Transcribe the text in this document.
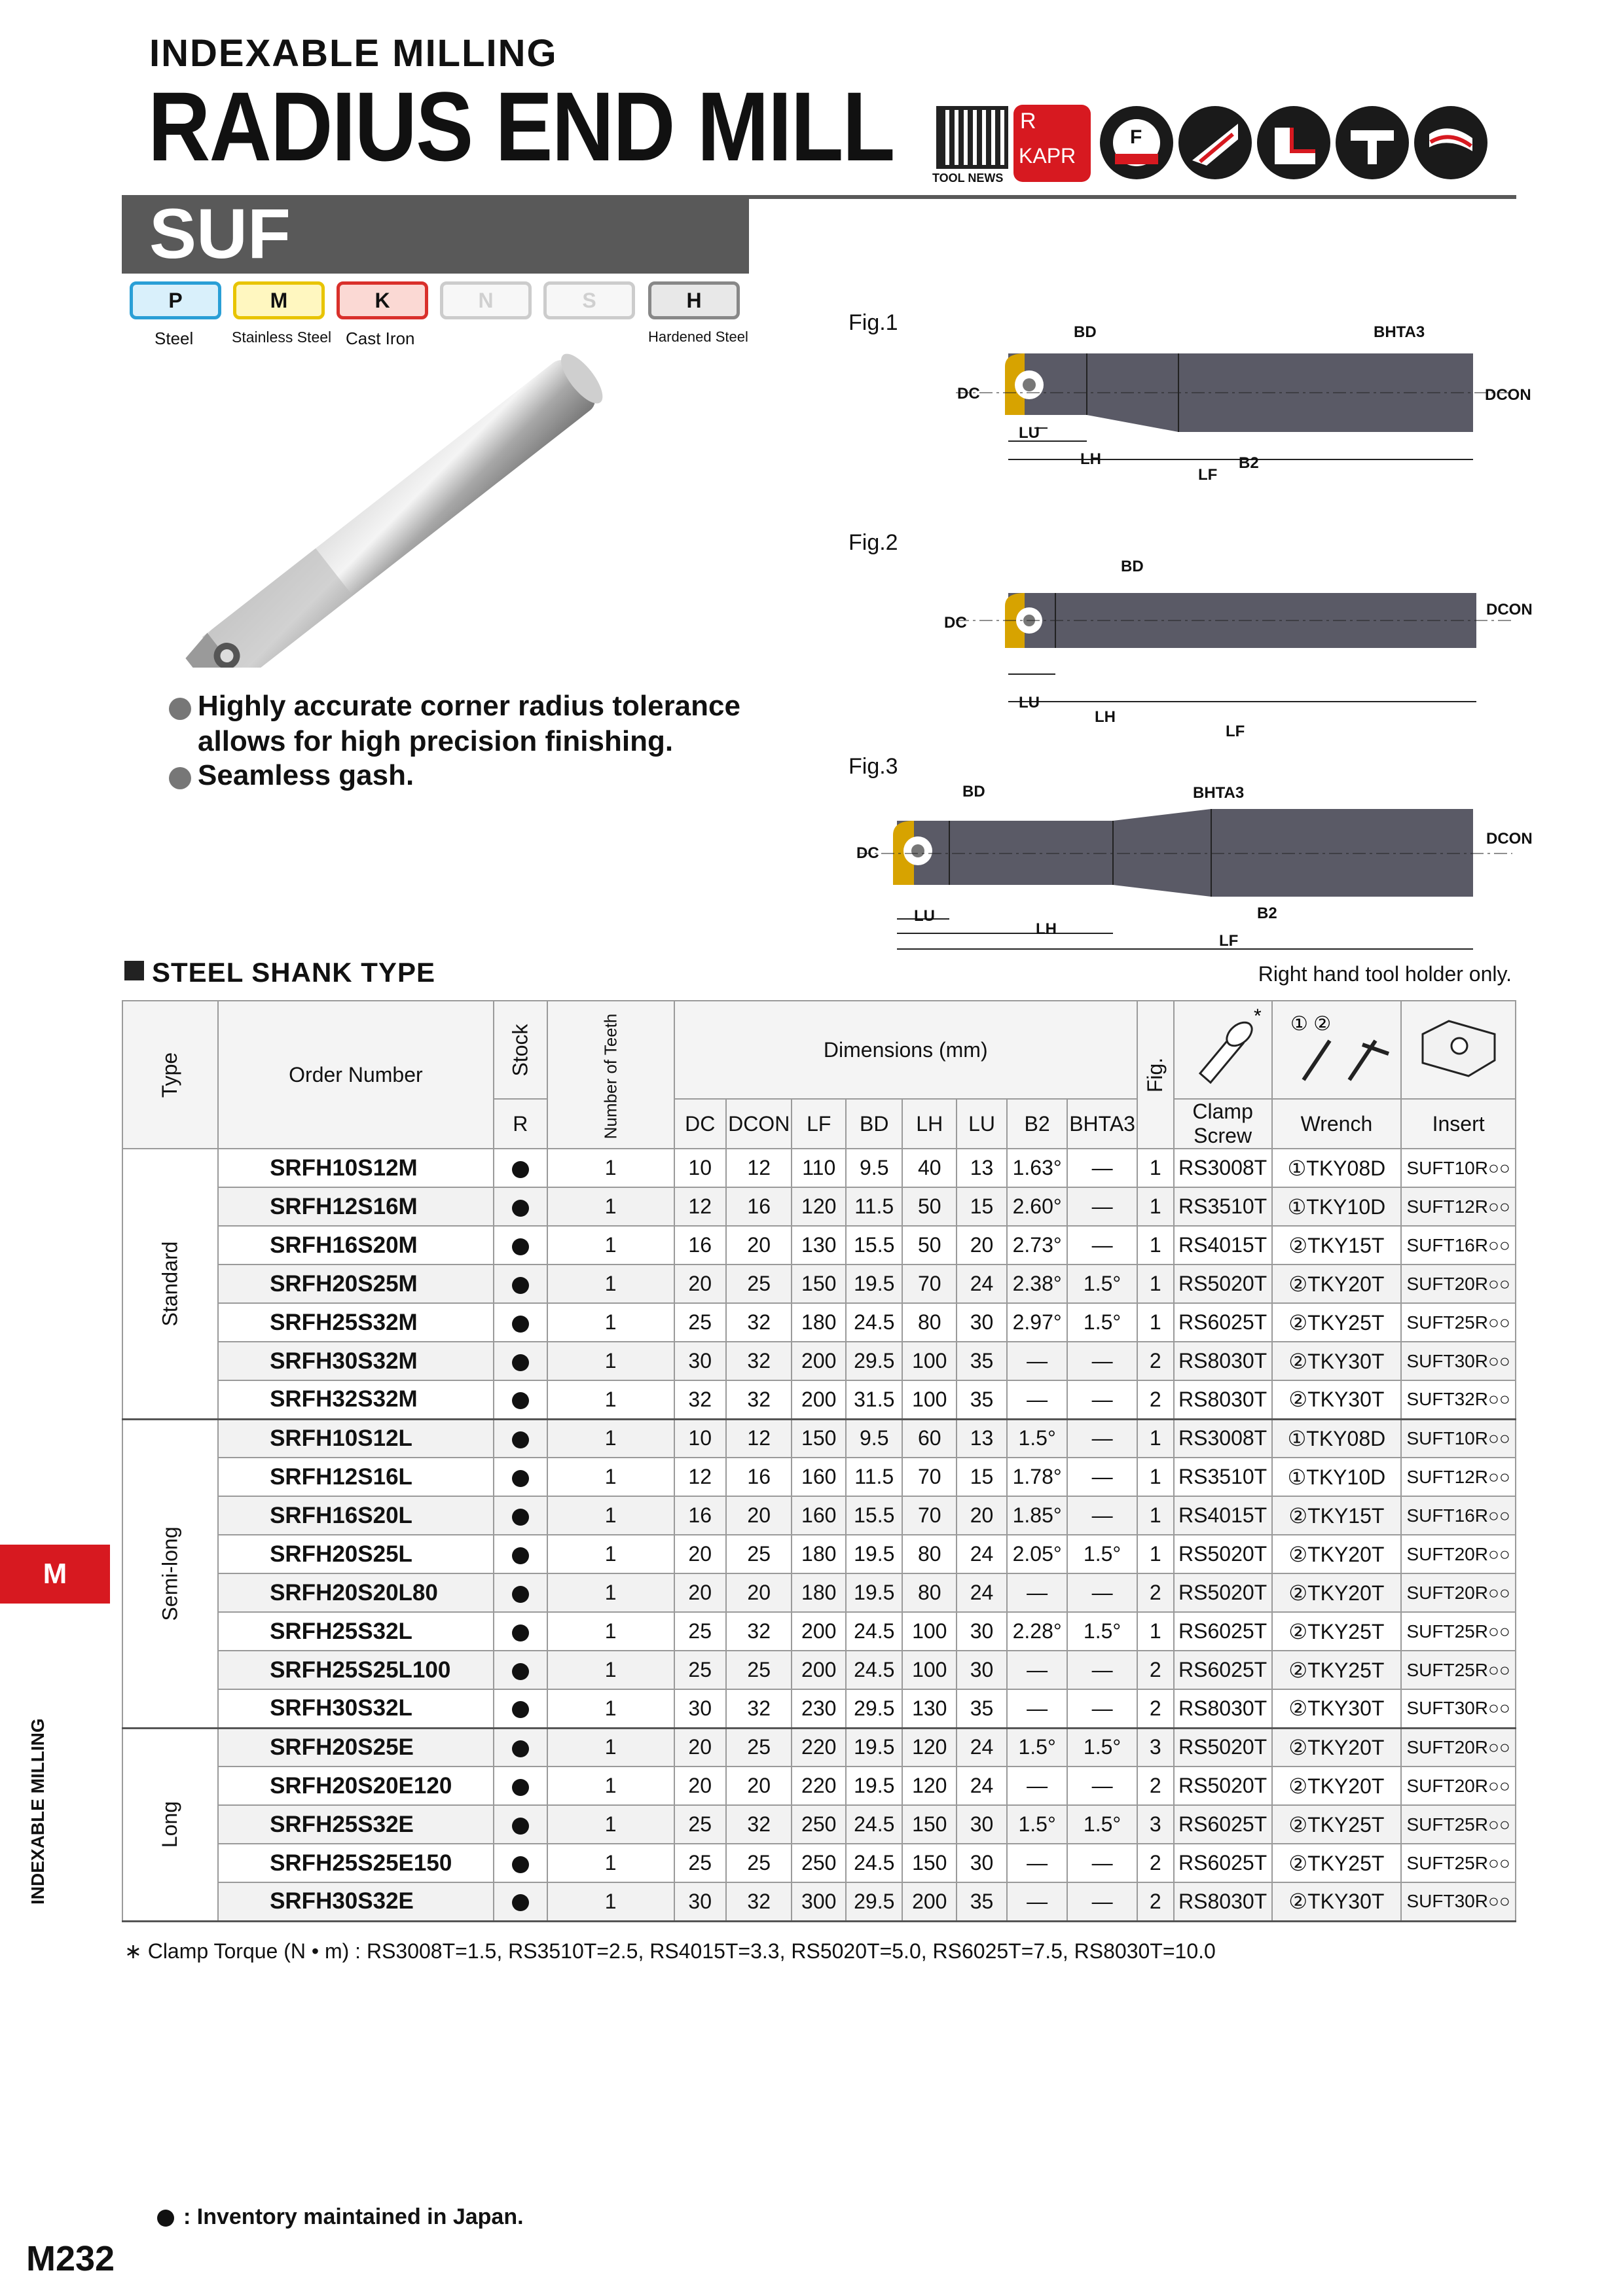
INDEXABLE MILLING
RADIUS END MILL
SUF
TOOL NEWS
R
KAPR
F
P
Steel
M
Stainless Steel
K
Cast Iron
N	S	H
Hardened Steel
Highly accurate corner radius tolerance
allows for high precision finishing.
Seamless gash.
Fig.1
DC
BD	BHTA3
DCON
LU
LH
LF
B2
Fig.2
DC
BD
DCON
LU
LH
LF
Fig.3
DC
BD	BHTA3
DCON
LU
LH
LF
B2
STEEL SHANK TYPE	Right hand tool holder only.
Type	Order Number	Stock	Number of Teeth	Dimensions (mm)								Fig.	*	① ②

		R		DC	DCON	LF	BD	LH	LU	B2	BHTA3		Clamp Screw	Wrench	Insert
Standard	SRFH10S12M		1	10	12	110	9.5	40	13	1.63°	—	1	RS3008T	①TKY08D	SUFT10R○○
	SRFH12S16M		1	12	16	120	11.5	50	15	2.60°	—	1	RS3510T	①TKY10D	SUFT12R○○
	SRFH16S20M		1	16	20	130	15.5	50	20	2.73°	—	1	RS4015T	②TKY15T	SUFT16R○○
	SRFH20S25M		1	20	25	150	19.5	70	24	2.38°	1.5°	1	RS5020T	②TKY20T	SUFT20R○○
	SRFH25S32M		1	25	32	180	24.5	80	30	2.97°	1.5°	1	RS6025T	②TKY25T	SUFT25R○○
	SRFH30S32M		1	30	32	200	29.5	100	35	—	—	2	RS8030T	②TKY30T	SUFT30R○○
	SRFH32S32M		1	32	32	200	31.5	100	35	—	—	2	RS8030T	②TKY30T	SUFT32R○○
Semi-long	SRFH10S12L		1	10	12	150	9.5	60	13	1.5°	—	1	RS3008T	①TKY08D	SUFT10R○○
	SRFH12S16L		1	12	16	160	11.5	70	15	1.78°	—	1	RS3510T	①TKY10D	SUFT12R○○
	SRFH16S20L		1	16	20	160	15.5	70	20	1.85°	—	1	RS4015T	②TKY15T	SUFT16R○○
	SRFH20S25L		1	20	25	180	19.5	80	24	2.05°	1.5°	1	RS5020T	②TKY20T	SUFT20R○○
	SRFH20S20L80		1	20	20	180	19.5	80	24	—	—	2	RS5020T	②TKY20T	SUFT20R○○
	SRFH25S32L		1	25	32	200	24.5	100	30	2.28°	1.5°	1	RS6025T	②TKY25T	SUFT25R○○
	SRFH25S25L100		1	25	25	200	24.5	100	30	—	—	2	RS6025T	②TKY25T	SUFT25R○○
	SRFH30S32L		1	30	32	230	29.5	130	35	—	—	2	RS8030T	②TKY30T	SUFT30R○○
Long	SRFH20S25E		1	20	25	220	19.5	120	24	1.5°	1.5°	3	RS5020T	②TKY20T	SUFT20R○○
	SRFH20S20E120		1	20	20	220	19.5	120	24	—	—	2	RS5020T	②TKY20T	SUFT20R○○
	SRFH25S32E		1	25	32	250	24.5	150	30	1.5°	1.5°	3	RS6025T	②TKY25T	SUFT25R○○
	SRFH25S25E150		1	25	25	250	24.5	150	30	—	—	2	RS6025T	②TKY25T	SUFT25R○○
	SRFH30S32E		1	30	32	300	29.5	200	35	—	—	2	RS8030T	②TKY30T	SUFT30R○○
∗ Clamp Torque (N • m) : RS3008T=1.5, RS3510T=2.5, RS4015T=3.3, RS5020T=5.0, RS6025T=7.5, RS8030T=10.0
M
INDEXABLE MILLING
: Inventory maintained in Japan.
M232
